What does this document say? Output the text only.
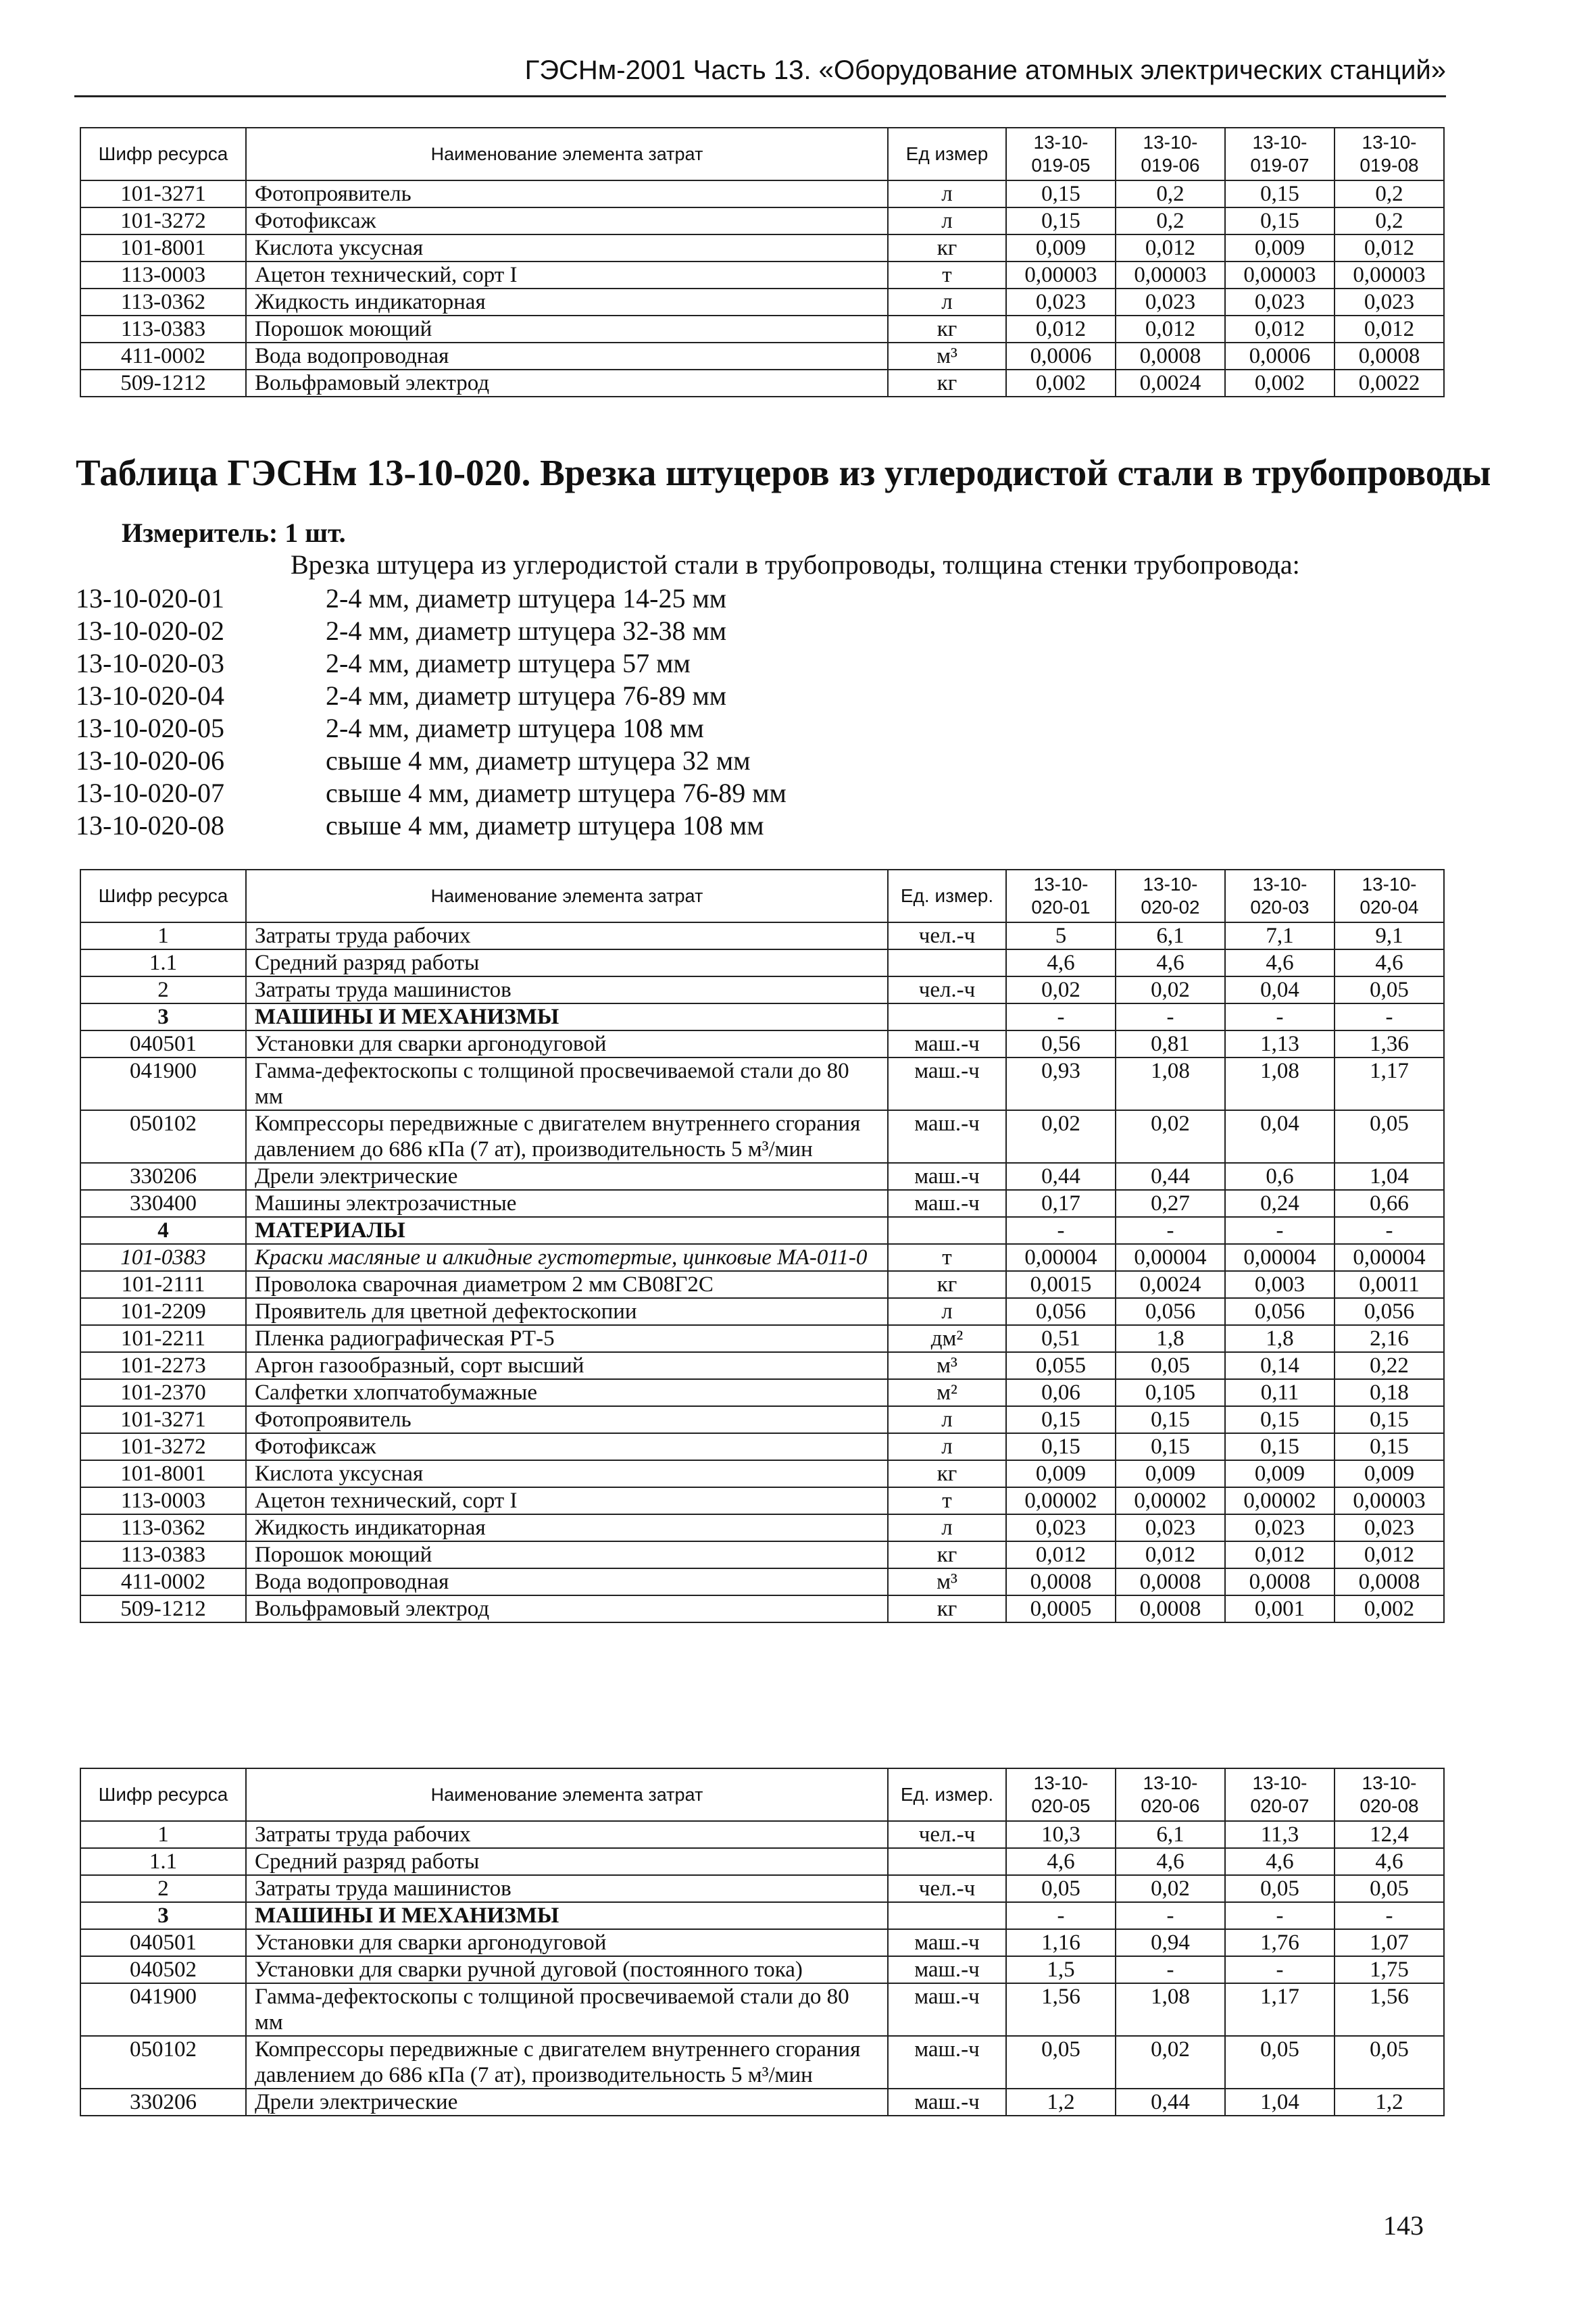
ГЭСНм-2001 Часть 13. «Оборудование атомных электрических станций»
Шифр ресурса	Наименование элемента затрат	Ед измер	13-10-019-05	13-10-019-06	13-10-019-07	13-10-019-08
101-3271	Фотопроявитель	л	0,15	0,2	0,15	0,2
101-3272	Фотофиксаж	л	0,15	0,2	0,15	0,2
101-8001	Кислота уксусная	кг	0,009	0,012	0,009	0,012
113-0003	Ацетон технический, сорт I	т	0,00003	0,00003	0,00003	0,00003
113-0362	Жидкость индикаторная	л	0,023	0,023	0,023	0,023
113-0383	Порошок моющий	кг	0,012	0,012	0,012	0,012
411-0002	Вода водопроводная	м³	0,0006	0,0008	0,0006	0,0008
509-1212	Вольфрамовый электрод	кг	0,002	0,0024	0,002	0,0022
Таблица ГЭСНм 13-10-020. Врезка штуцеров из углеродистой стали в трубопроводы
Измеритель: 1 шт.
Врезка штуцера из углеродистой стали в трубопроводы, толщина стенки трубопровода:
13-10-020-01	2-4 мм, диаметр штуцера 14-25 мм
13-10-020-02	2-4 мм, диаметр штуцера 32-38 мм
13-10-020-03	2-4 мм, диаметр штуцера 57 мм
13-10-020-04	2-4 мм, диаметр штуцера 76-89 мм
13-10-020-05	2-4 мм, диаметр штуцера 108 мм
13-10-020-06	свыше 4 мм, диаметр штуцера 32 мм
13-10-020-07	свыше 4 мм, диаметр штуцера 76-89 мм
13-10-020-08	свыше 4 мм, диаметр штуцера 108 мм
Шифр ресурса	Наименование элемента затрат	Ед. измер.	13-10-020-01	13-10-020-02	13-10-020-03	13-10-020-04
1	Затраты труда рабочих	чел.-ч	5	6,1	7,1	9,1
1.1	Средний разряд работы		4,6	4,6	4,6	4,6
2	Затраты труда машинистов	чел.-ч	0,02	0,02	0,04	0,05
3	МАШИНЫ И МЕХАНИЗМЫ		-	-	-	-
040501	Установки для сварки аргонодуговой	маш.-ч	0,56	0,81	1,13	1,36
041900	Гамма-дефектоскопы с толщиной просвечиваемой стали до 80 мм	маш.-ч	0,93	1,08	1,08	1,17
050102	Компрессоры передвижные с двигателем внутреннего сгорания давлением до 686 кПа (7 ат), производительность 5 м³/мин	маш.-ч	0,02	0,02	0,04	0,05
330206	Дрели электрические	маш.-ч	0,44	0,44	0,6	1,04
330400	Машины электрозачистные	маш.-ч	0,17	0,27	0,24	0,66
4	МАТЕРИАЛЫ		-	-	-	-
101-0383	Краски масляные и алкидные густотертые, цинковые МА-011-0	т	0,00004	0,00004	0,00004	0,00004
101-2111	Проволока сварочная диаметром 2 мм СВ08Г2С	кг	0,0015	0,0024	0,003	0,0011
101-2209	Проявитель для цветной дефектоскопии	л	0,056	0,056	0,056	0,056
101-2211	Пленка радиографическая РТ-5	дм²	0,51	1,8	1,8	2,16
101-2273	Аргон газообразный, сорт высший	м³	0,055	0,05	0,14	0,22
101-2370	Салфетки хлопчатобумажные	м²	0,06	0,105	0,11	0,18
101-3271	Фотопроявитель	л	0,15	0,15	0,15	0,15
101-3272	Фотофиксаж	л	0,15	0,15	0,15	0,15
101-8001	Кислота уксусная	кг	0,009	0,009	0,009	0,009
113-0003	Ацетон технический, сорт I	т	0,00002	0,00002	0,00002	0,00003
113-0362	Жидкость индикаторная	л	0,023	0,023	0,023	0,023
113-0383	Порошок моющий	кг	0,012	0,012	0,012	0,012
411-0002	Вода водопроводная	м³	0,0008	0,0008	0,0008	0,0008
509-1212	Вольфрамовый электрод	кг	0,0005	0,0008	0,001	0,002
Шифр ресурса	Наименование элемента затрат	Ед. измер.	13-10-020-05	13-10-020-06	13-10-020-07	13-10-020-08
1	Затраты труда рабочих	чел.-ч	10,3	6,1	11,3	12,4
1.1	Средний разряд работы		4,6	4,6	4,6	4,6
2	Затраты труда машинистов	чел.-ч	0,05	0,02	0,05	0,05
3	МАШИНЫ И МЕХАНИЗМЫ		-	-	-	-
040501	Установки для сварки аргонодуговой	маш.-ч	1,16	0,94	1,76	1,07
040502	Установки для сварки ручной дуговой (постоянного тока)	маш.-ч	1,5	-	-	1,75
041900	Гамма-дефектоскопы с толщиной просвечиваемой стали до 80 мм	маш.-ч	1,56	1,08	1,17	1,56
050102	Компрессоры передвижные с двигателем внутреннего сгорания давлением до 686 кПа (7 ат), производительность 5 м³/мин	маш.-ч	0,05	0,02	0,05	0,05
330206	Дрели электрические	маш.-ч	1,2	0,44	1,04	1,2
143
